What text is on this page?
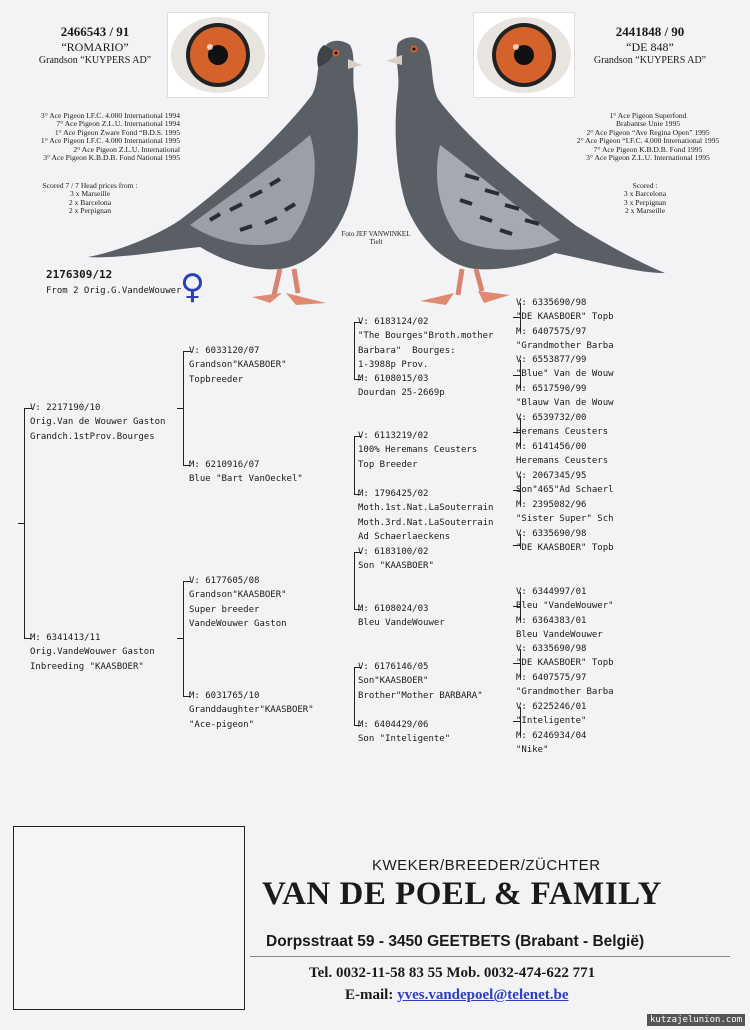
2466543 / 91
“ROMARIO”
Grandson “KUYPERS AD”
3° Ace Pigeon I.F.C. 4.000 International 1994
7° Ace Pigeon Z.L.U. International 1994
1° Ace Pigeon Zware Fond “B.D.S. 1995
1° Ace Pigeon I.F.C. 4.000 International 1995
2° Ace Pigeon Z.L.U. International
3° Ace Pigeon K.B.D.B. Fond National 1995
Scored 7 / 7 Head prices from :
3 x Marseille
2 x Barcelona
2 x Perpignan
2441848 / 90
“DE 848”
Grandson “KUYPERS AD”
1° Ace Pigeon Superfond
Brabantse Unie 1995
2° Ace Pigeon “Ave Regina Open” 1995
2° Ace Pigeon “I.F.C. 4.000 International 1995
7° Ace Pigeon K.B.D.B. Fond 1995
3° Ace Pigeon Z.L.U. International 1995
Scored :
3 x Barcelona
3 x Perpignan
2 x Marseille
Foto JEF VANWINKEL
Tielt
2176309/12
From 2 Orig.G.VandeWouwer
♀
V: 2217190/10
Orig.Van de Wouwer Gaston
Grandch.1stProv.Bourges
M: 6341413/11
Orig.VandeWouwer Gaston
Inbreeding "KAASBOER"
V: 6033120/07
Grandson"KAASBOER"
Topbreeder
M: 6210916/07
Blue "Bart VanOeckel"
V: 6177605/08
Grandson"KAASBOER"
Super breeder
VandeWouwer Gaston
M: 6031765/10
Granddaughter"KAASBOER"
"Ace-pigeon"
V: 6183124/02
"The Bourges"Broth.mother
Barbara"  Bourges:
1-3988p Prov.
M: 6108015/03
Dourdan 25-2669p
V: 6113219/02
100% Heremans Ceusters
Top Breeder
M: 1796425/02
Moth.1st.Nat.LaSouterrain
Moth.3rd.Nat.LaSouterrain
Ad Schaerlaeckens
V: 6183100/02
Son "KAASBOER"
M: 6108024/03
Bleu VandeWouwer
V: 6176146/05
Son"KAASBOER"
Brother"Mother BARBARA"
M: 6404429/06
Son "Inteligente"
V: 6335690/98
"DE KAASBOER" Topb
M: 6407575/97
"Grandmother Barba
V: 6553877/99
"Blue" Van de Wouw
M: 6517590/99
"Blauw Van de Wouw
V: 6539732/00
Heremans Ceusters
M: 6141456/00
Heremans Ceusters
V: 2067345/95
Son"465"Ad Schaerl
M: 2395082/96
"Sister Super" Sch
V: 6335690/98
"DE KAASBOER" Topb
V: 6344997/01
Bleu "VandeWouwer"
M: 6364383/01
Bleu VandeWouwer
V: 6335690/98
"DE KAASBOER" Topb
M: 6407575/97
"Grandmother Barba
V: 6225246/01
"Inteligente"
M: 6246934/04
"Nike"
KWEKER/BREEDER/ZÜCHTER
VAN DE POEL & FAMILY
Dorpsstraat 59 - 3450 GEETBETS (Brabant - België)
Tel. 0032-11-58 83 55 Mob. 0032-474-622 771
E-mail: yves.vandepoel@telenet.be
kutzajelunion.com
